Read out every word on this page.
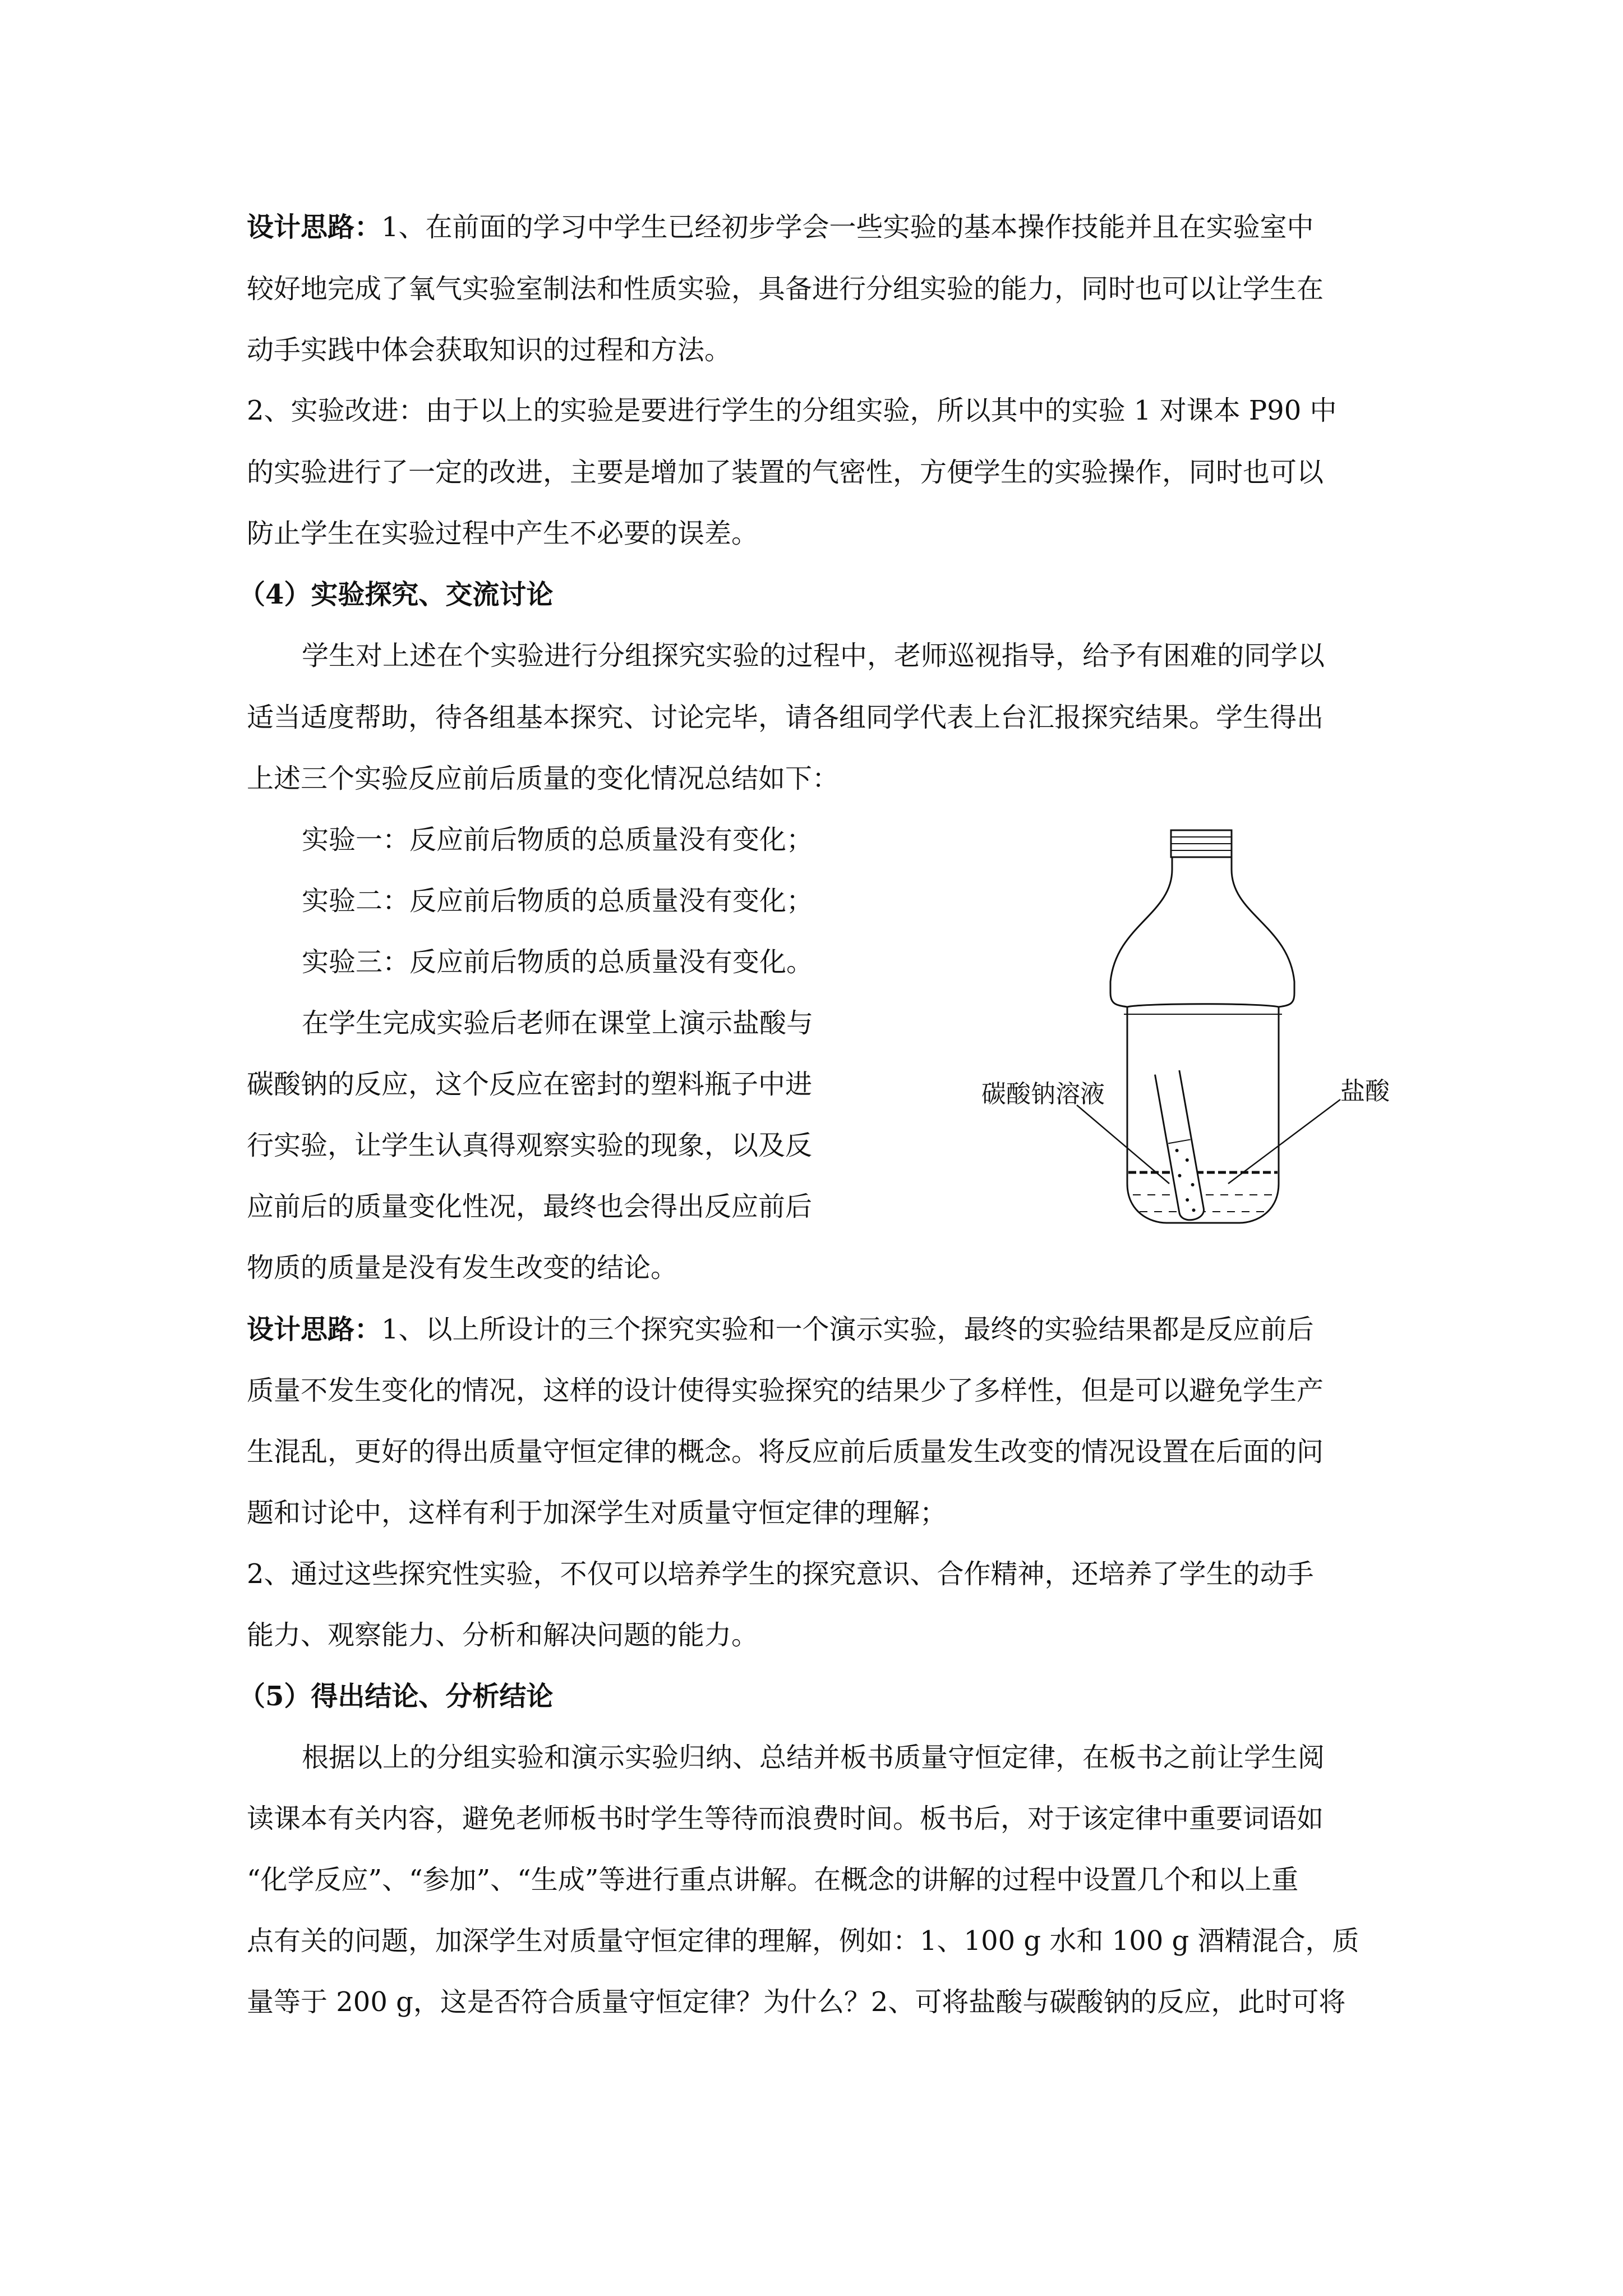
设计思路：1、在前面的学习中学生已经初步学会一些实验的基本操作技能并且在实验室中
较好地完成了氧气实验室制法和性质实验，具备进行分组实验的能力，同时也可以让学生在
动手实践中体会获取知识的过程和方法。
2、实验改进：由于以上的实验是要进行学生的分组实验，所以其中的实验 1 对课本 P90 中
的实验进行了一定的改进，主要是增加了装置的气密性，方便学生的实验操作，同时也可以
防止学生在实验过程中产生不必要的误差。
（4）实验探究、交流讨论
学生对上述在个实验进行分组探究实验的过程中，老师巡视指导，给予有困难的同学以
适当适度帮助，待各组基本探究、讨论完毕，请各组同学代表上台汇报探究结果。学生得出
上述三个实验反应前后质量的变化情况总结如下：
实验一：反应前后物质的总质量没有变化；
实验二：反应前后物质的总质量没有变化；
实验三：反应前后物质的总质量没有变化。
在学生完成实验后老师在课堂上演示盐酸与
碳酸钠的反应，这个反应在密封的塑料瓶子中进
行实验，让学生认真得观察实验的现象，以及反
应前后的质量变化性况，最终也会得出反应前后
物质的质量是没有发生改变的结论。
碳酸钠溶液	盐酸
设计思路：1、以上所设计的三个探究实验和一个演示实验，最终的实验结果都是反应前后
质量不发生变化的情况，这样的设计使得实验探究的结果少了多样性，但是可以避免学生产
生混乱，更好的得出质量守恒定律的概念。将反应前后质量发生改变的情况设置在后面的问
题和讨论中，这样有利于加深学生对质量守恒定律的理解；
2、通过这些探究性实验，不仅可以培养学生的探究意识、合作精神，还培养了学生的动手
能力、观察能力、分析和解决问题的能力。
（5）得出结论、分析结论
根据以上的分组实验和演示实验归纳、总结并板书质量守恒定律，在板书之前让学生阅
读课本有关内容，避免老师板书时学生等待而浪费时间。板书后，对于该定律中重要词语如
“化学反应”、“参加”、“生成”等进行重点讲解。在概念的讲解的过程中设置几个和以上重
点有关的问题，加深学生对质量守恒定律的理解，例如：1、100 g 水和 100 g 酒精混合，质
量等于 200 g，这是否符合质量守恒定律？为什么？2、可将盐酸与碳酸钠的反应，此时可将
